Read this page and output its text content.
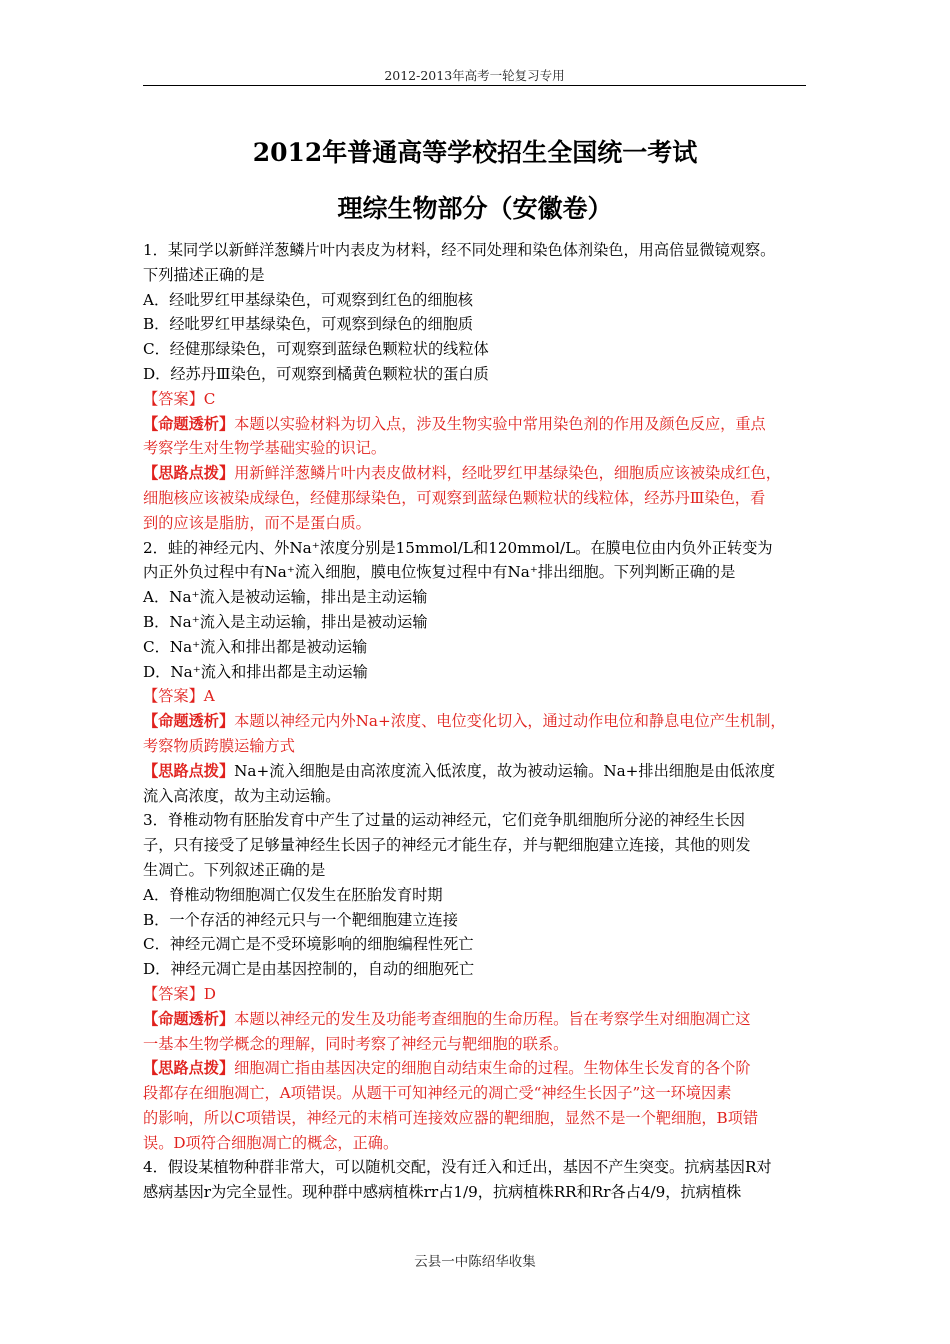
2012-2013年高考一轮复习专用
2012年普通高等学校招生全国统一考试
理综生物部分（安徽卷）

1．某同学以新鲜洋葱鳞片叶内表皮为材料，经不同处理和染色体剂染色，用高倍显微镜观察。

下列描述正确的是

A．经吡罗红甲基绿染色，可观察到红色的细胞核

B．经吡罗红甲基绿染色，可观察到绿色的细胞质

C．经健那绿染色，可观察到蓝绿色颗粒状的线粒体

D．经苏丹Ⅲ染色，可观察到橘黄色颗粒状的蛋白质

【答案】C

【命题透析】本题以实验材料为切入点，涉及生物实验中常用染色剂的作用及颜色反应，重点

考察学生对生物学基础实验的识记。

【思路点拨】用新鲜洋葱鳞片叶内表皮做材料，经吡罗红甲基绿染色，细胞质应该被染成红色，

细胞核应该被染成绿色，经健那绿染色，可观察到蓝绿色颗粒状的线粒体，经苏丹Ⅲ染色，看

到的应该是脂肪，而不是蛋白质。

2．蛙的神经元内、外Na⁺浓度分别是15mmol/L和120mmol/L。在膜电位由内负外正转变为

内正外负过程中有Na⁺流入细胞，膜电位恢复过程中有Na⁺排出细胞。下列判断正确的是

A．Na⁺流入是被动运输，排出是主动运输

B．Na⁺流入是主动运输，排出是被动运输

C．Na⁺流入和排出都是被动运输

D．Na⁺流入和排出都是主动运输

【答案】A

【命题透析】本题以神经元内外Na+浓度、电位变化切入，通过动作电位和静息电位产生机制，

考察物质跨膜运输方式

【思路点拨】Na+流入细胞是由高浓度流入低浓度，故为被动运输。Na+排出细胞是由低浓度

流入高浓度，故为主动运输。

3．脊椎动物有胚胎发育中产生了过量的运动神经元，它们竞争肌细胞所分泌的神经生长因

子，只有接受了足够量神经生长因子的神经元才能生存，并与靶细胞建立连接，其他的则发

生凋亡。下列叙述正确的是

A．脊椎动物细胞凋亡仅发生在胚胎发育时期

B．一个存活的神经元只与一个靶细胞建立连接

C．神经元凋亡是不受环境影响的细胞编程性死亡

D．神经元凋亡是由基因控制的，自动的细胞死亡

【答案】D

【命题透析】本题以神经元的发生及功能考查细胞的生命历程。旨在考察学生对细胞凋亡这

一基本生物学概念的理解，同时考察了神经元与靶细胞的联系。

【思路点拨】细胞凋亡指由基因决定的细胞自动结束生命的过程。生物体生长发育的各个阶

段都存在细胞凋亡，A项错误。从题干可知神经元的凋亡受“神经生长因子”这一环境因素

的影响，所以C项错误，神经元的末梢可连接效应器的靶细胞，显然不是一个靶细胞，B项错

误。D项符合细胞凋亡的概念，正确。

4．假设某植物种群非常大，可以随机交配，没有迁入和迁出，基因不产生突变。抗病基因R对

感病基因r为完全显性。现种群中感病植株rr占1/9，抗病植株RR和Rr各占4/9，抗病植株

云县一中陈绍华收集
